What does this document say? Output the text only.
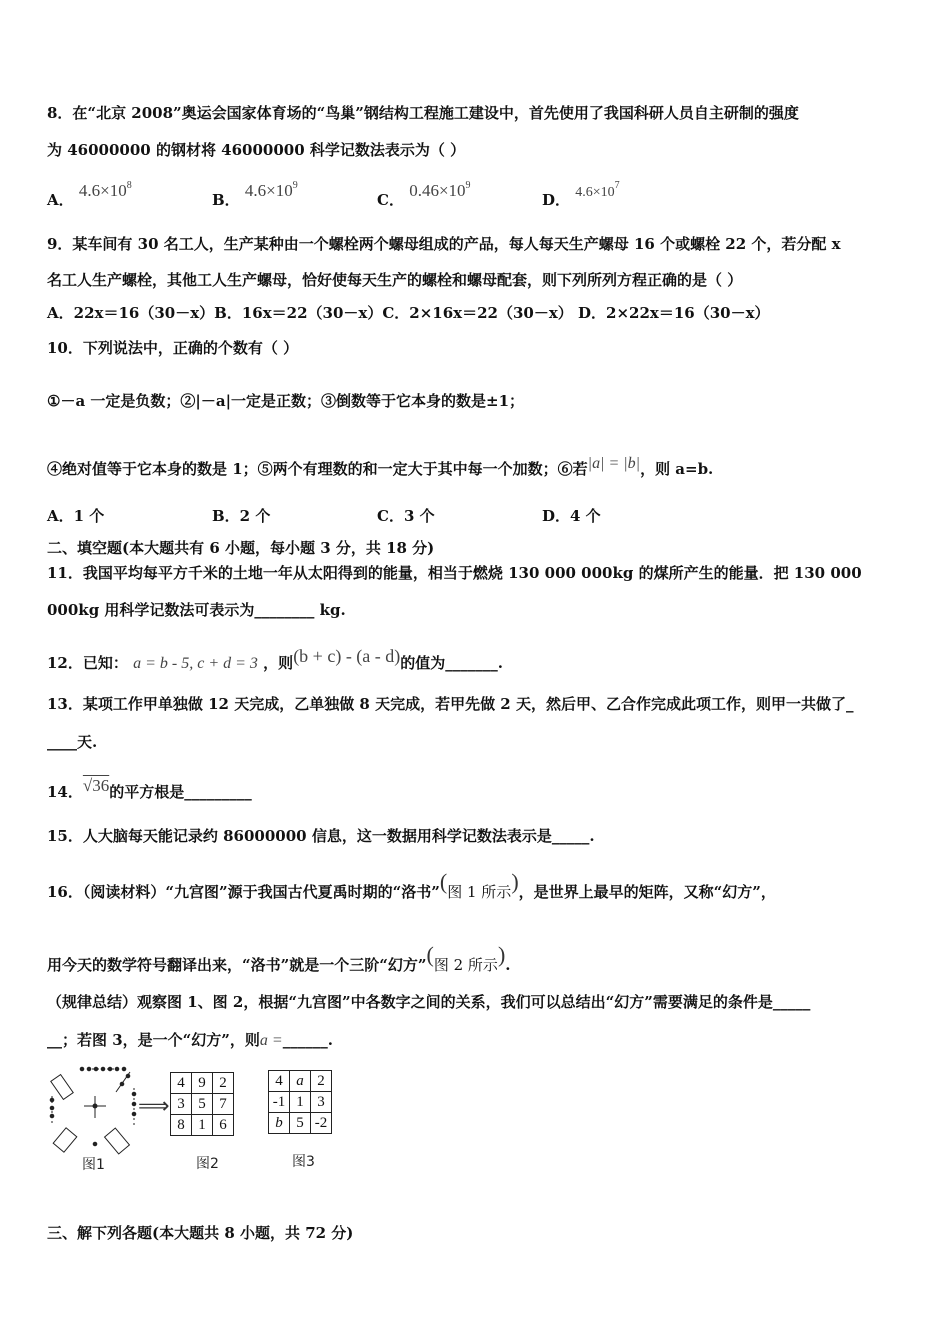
8．在“北京 2008”奥运会国家体育场的“鸟巢”钢结构工程施工建设中，首先使用了我国科研人员自主研制的强度
为 46000000 的钢材将 46000000 科学记数法表示为（ ）
A． $4.6\times 10^8$
B． $4.6\times 10^9$
C． $0.46\times 10^9$
D． $4.6\times 10^7$
9．某车间有 30 名工人，生产某种由一个螺栓两个螺母组成的产品，每人每天生产螺母 16 个或螺栓 22 个，若分配 x
名工人生产螺栓，其他工人生产螺母，恰好使每天生产的螺栓和螺母配套，则下列所列方程正确的是（ ）
A．22x＝16（30－x）B．16x＝22（30－x）C．2×16x＝22（30－x） D．2×22x＝16（30－x）
10．下列说法中，正确的个数有（ ）
①－a 一定是负数；②|－a|一定是正数；③倒数等于它本身的数是±1；
④绝对值等于它本身的数是 1；⑤两个有理数的和一定大于其中每一个加数；⑥若|a| = |b|，则 a=b.
A．1 个	B．2 个	C．3 个	D．4 个
二、填空题(本大题共有 6 小题，每小题 3 分，共 18 分)
11．我国平均每平方千米的土地一年从太阳得到的能量，相当于燃烧 130 000 000kg 的煤所产生的能量．把 130 000
000kg 用科学记数法可表示为________ kg.
12．已知： a = b - 5, c + d = 3 ，则(b + c) - (a - d)的值为_______.
13．某项工作甲单独做 12 天完成，乙单独做 8 天完成，若甲先做 2 天，然后甲、乙合作完成此项工作，则甲一共做了_
____天.
14．√36的平方根是_________
15．人大脑每天能记录约 86000000 信息，这一数据用科学记数法表示是_____.
16．（阅读材料）“九宫图”源于我国古代夏禹时期的“洛书”(图 1 所示)，是世界上最早的矩阵，又称“幻方”，
用今天的数学符号翻译出来，“洛书”就是一个三阶“幻方”(图 2 所示).
（规律总结）观察图 1、图 2，根据“九宫图”中各数字之间的关系，我们可以总结出“幻方”需要满足的条件是_____
__；若图 3，是一个“幻方”，则a =______.
⟹
4	9	2
3	5	7
8	1	6
4	a	2
-1	1	3
b	5	-2
图1	图2	图3
三、解下列各题(本大题共 8 小题，共 72 分)
